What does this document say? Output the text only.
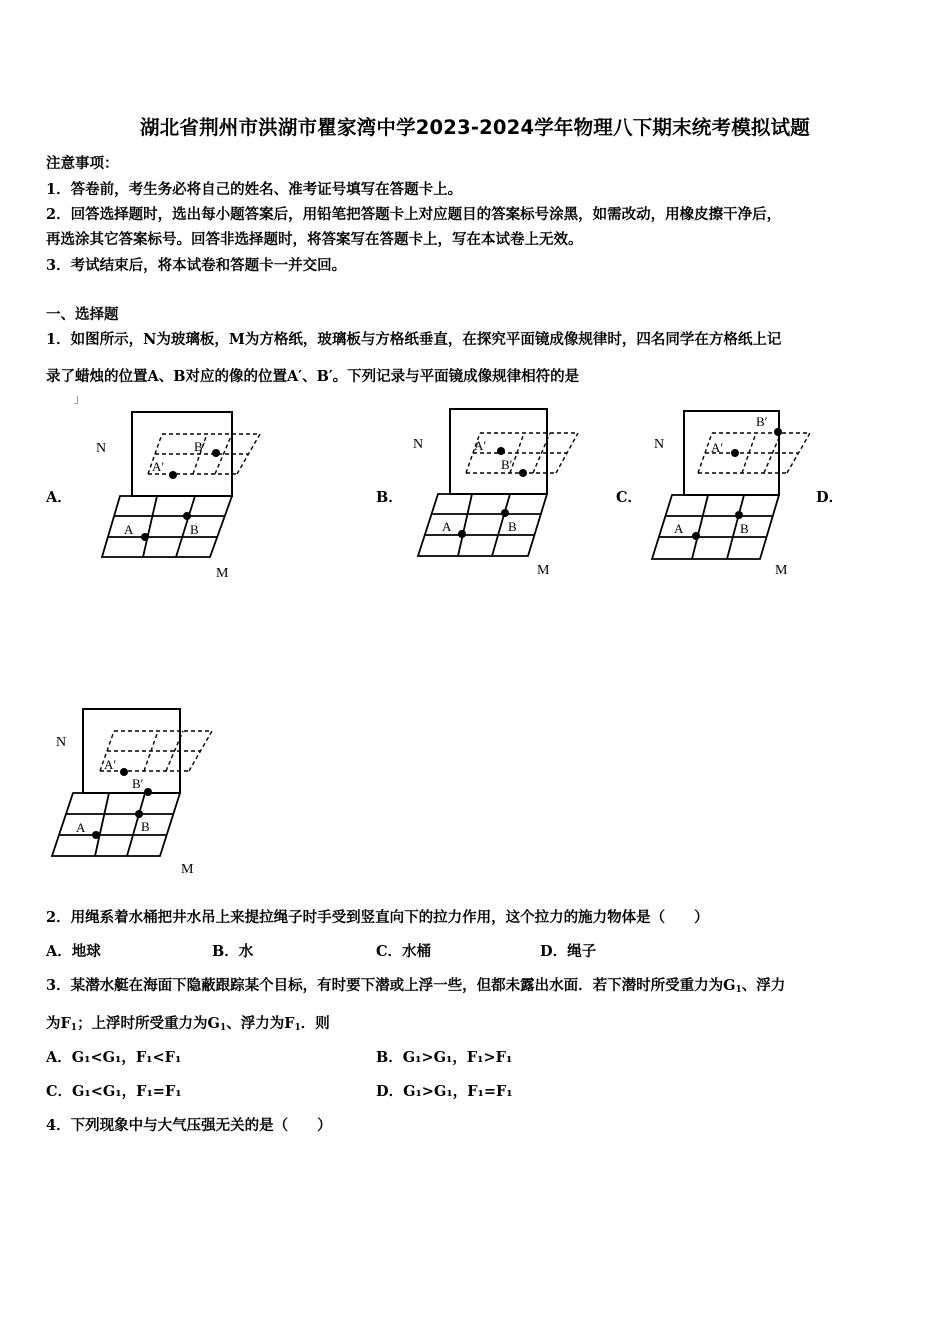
湖北省荆州市洪湖市瞿家湾中学2023-2024学年物理八下期末统考模拟试题
注意事项：
1．答卷前，考生务必将自己的姓名、准考证号填写在答题卡上。
2．回答选择题时，选出每小题答案后，用铅笔把答题卡上对应题目的答案标号涂黑，如需改动，用橡皮擦干净后，
再选涂其它答案标号。回答非选择题时，将答案写在答题卡上，写在本试卷上无效。
3．考试结束后，将本试卷和答题卡一并交回。
一、选择题
1．如图所示，N为玻璃板，M为方格纸，玻璃板与方格纸垂直，在探究平面镜成像规律时，四名同学在方格纸上记
录了蜡烛的位置A、B对应的像的位置A′、B′。下列记录与平面镜成像规律相符的是
」
A．	B．	C．	D．
N
A′
B′
A	B
M
N	A′
B′
A	B
M
N	A′
B′
A	B
M
N
A′
B′
A	B
M
2．用绳系着水桶把井水吊上来提拉绳子时手受到竖直向下的拉力作用，这个拉力的施力物体是（　　）
A．地球	B．水	C．水桶	D．绳子
3．某潜水艇在海面下隐蔽跟踪某个目标，有时要下潜或上浮一些，但都未露出水面．若下潜时所受重力为$G_1$、浮力
为$F_1$；上浮时所受重力为$G_1$、浮力为$F_1$．则
A．G₁<G₁，F₁<F₁	B．G₁>G₁，F₁>F₁
C．G₁<G₁，F₁=F₁	D．G₁>G₁，F₁=F₁
4．下列现象中与大气压强无关的是（　　）
